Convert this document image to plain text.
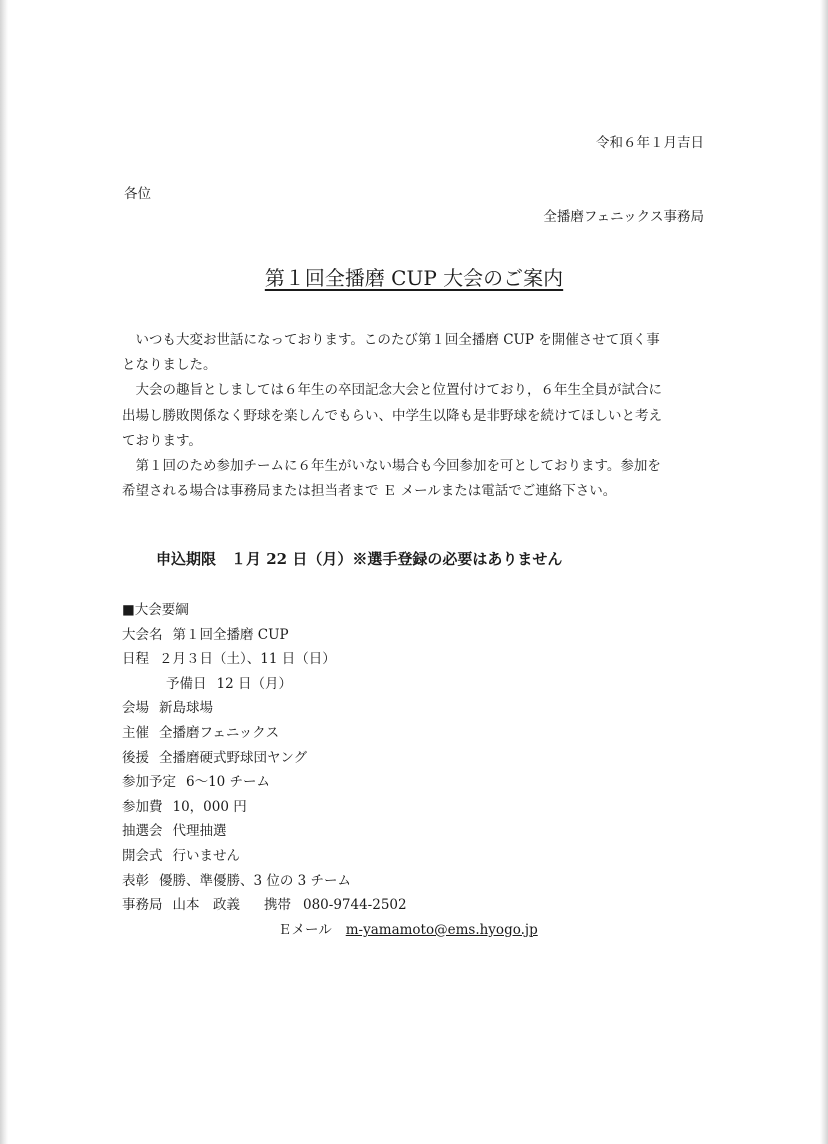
令和６年１月吉日
各位
全播磨フェニックス事務局
第１回全播磨 CUP 大会のご案内

いつも大変お世話になっております。このたび第１回全播磨 CUP を開催させて頂く事となりました。

大会の趣旨としましては６年生の卒団記念大会と位置付けており，６年生全員が試合に出場し勝敗関係なく野球を楽しんでもらい、中学生以降も是非野球を続けてほしいと考えております。

第１回のため参加チームに６年生がいない場合も今回参加を可としております。参加を希望される場合は事務局または担当者まで Ｅ メールまたは電話でご連絡下さい。

申込期限　１月 22 日（月）※選手登録の必要はありません
■大会要綱
大会名 第１回全播磨 CUP
日程 ２月３日（土）、11 日（日）
予備日 12 日（月）
会場 新島球場
主催 全播磨フェニックス
後援 全播磨硬式野球団ヤング
参加予定 6～10 チーム
参加費 10，000 円
抽選会 代理抽選
開会式 行いません
表彰 優勝、準優勝、3 位の 3 チーム
事務局 山本　政義 携帯 080-9744-2502
Ｅメール m-yamamoto@ems.hyogo.jp
